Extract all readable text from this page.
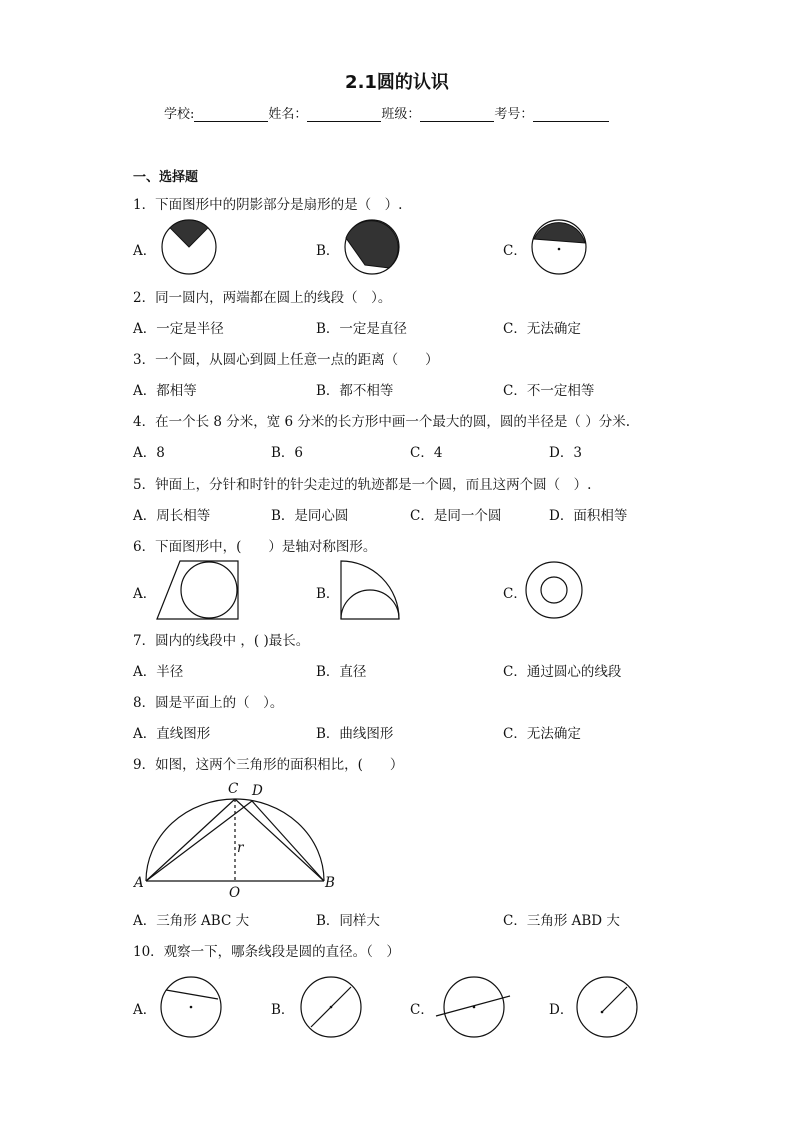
2.1圆的认识
学校:	姓名：	班级：	考号：
一、选择题
1．下面图形中的阴影部分是扇形的是（　）.
A．	B．	C．
2．同一圆内，两端都在圆上的线段（　）。
A．一定是半径	B．一定是直径	C．无法确定
3．一个圆，从圆心到圆上任意一点的距离（　　）
A．都相等	B．都不相等	C．不一定相等
4．在一个长 8 分米，宽 6 分米的长方形中画一个最大的圆，圆的半径是（ ）分米.
A．8	B．6	C．4	D．3
5．钟面上，分针和时针的针尖走过的轨迹都是一个圆，而且这两个圆（　）.
A．周长相等	B．是同心圆	C．是同一个圆	D．面积相等
6．下面图形中，(　　）是轴对称图形。
A．	B．	C．
7．圆内的线段中 ，( )最长。
A．半径	B．直径	C．通过圆心的线段
8．圆是平面上的（　）。
A．直线图形	B．曲线图形	C．无法确定
9．如图，这两个三角形的面积相比，(　　）
C D
r
A
O
B
A．三角形 ABC 大	B．同样大	C．三角形 ABD 大
10．观察一下，哪条线段是圆的直径。（　）
A．	B．	C．	D．
